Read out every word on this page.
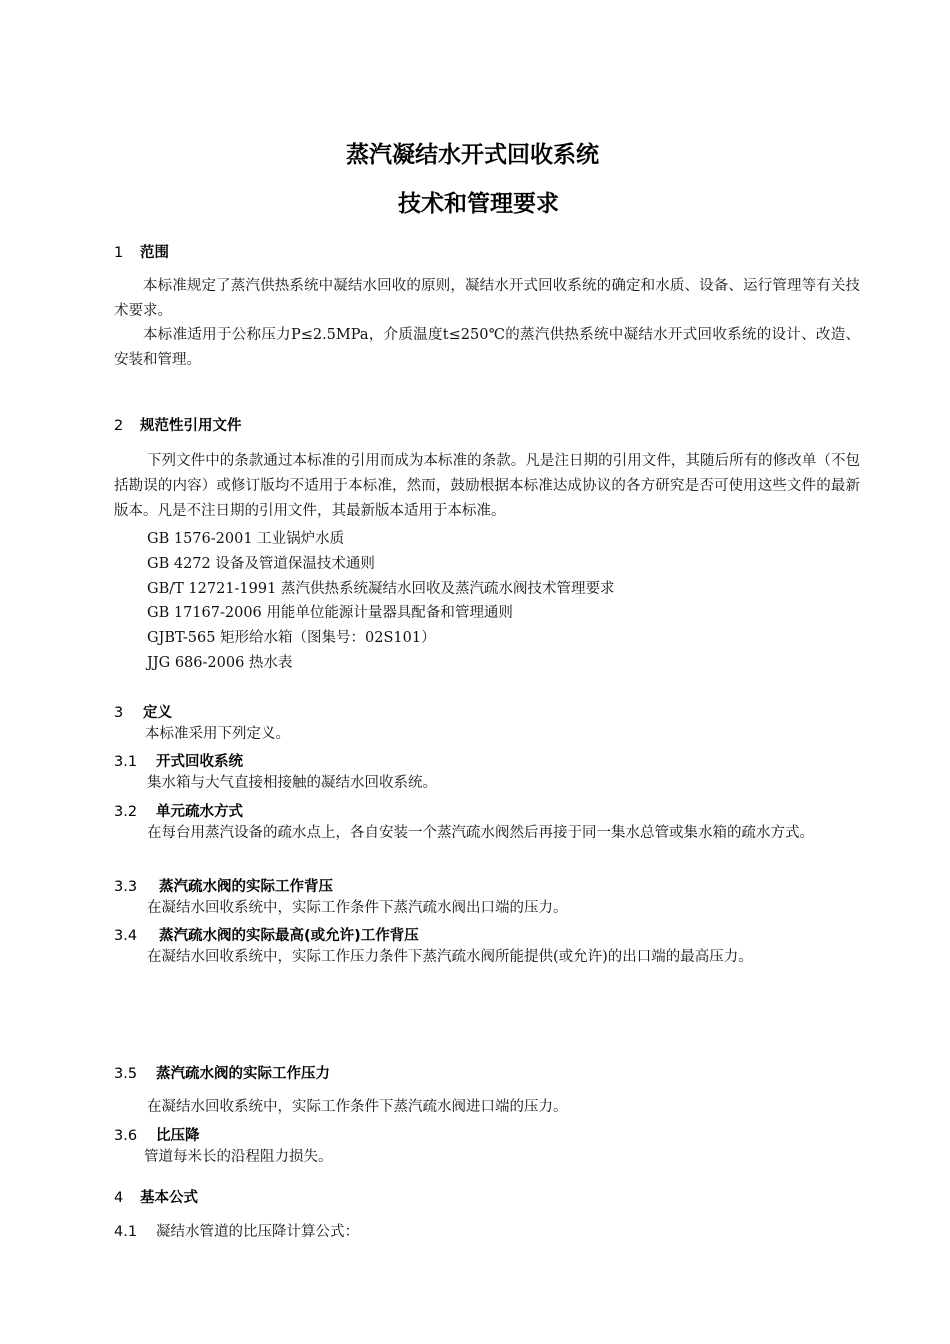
蒸汽凝结水开式回收系统
技术和管理要求
1 范围
本标准规定了蒸汽供热系统中凝结水回收的原则，凝结水开式回收系统的确定和水质、设备、运行管理等有关技术要求。
本标准适用于公称压力P≤2.5MPa，介质温度t≤250℃的蒸汽供热系统中凝结水开式回收系统的设计、改造、安装和管理。
2 规范性引用文件
下列文件中的条款通过本标准的引用而成为本标准的条款。凡是注日期的引用文件，其随后所有的修改单（不包括勘误的内容）或修订版均不适用于本标准，然而，鼓励根据本标准达成协议的各方研究是否可使用这些文件的最新版本。凡是不注日期的引用文件，其最新版本适用于本标准。
GB 1576-2001 工业锅炉水质
GB 4272 设备及管道保温技术通则
GB/T 12721-1991 蒸汽供热系统凝结水回收及蒸汽疏水阀技术管理要求
GB 17167-2006 用能单位能源计量器具配备和管理通则
GJBT-565 矩形给水箱（图集号：02S101）
JJG 686-2006 热水表
3 定义
本标准采用下列定义。
3.1 开式回收系统
集水箱与大气直接相接触的凝结水回收系统。
3.2 单元疏水方式
在每台用蒸汽设备的疏水点上，各自安装一个蒸汽疏水阀然后再接于同一集水总管或集水箱的疏水方式。
3.3 蒸汽疏水阀的实际工作背压
在凝结水回收系统中，实际工作条件下蒸汽疏水阀出口端的压力。
3.4 蒸汽疏水阀的实际最高(或允许)工作背压
在凝结水回收系统中，实际工作压力条件下蒸汽疏水阀所能提供(或允许)的出口端的最高压力。
3.5 蒸汽疏水阀的实际工作压力
在凝结水回收系统中，实际工作条件下蒸汽疏水阀进口端的压力。
3.6 比压降
管道每米长的沿程阻力损失。
4 基本公式
4.1 凝结水管道的比压降计算公式：
